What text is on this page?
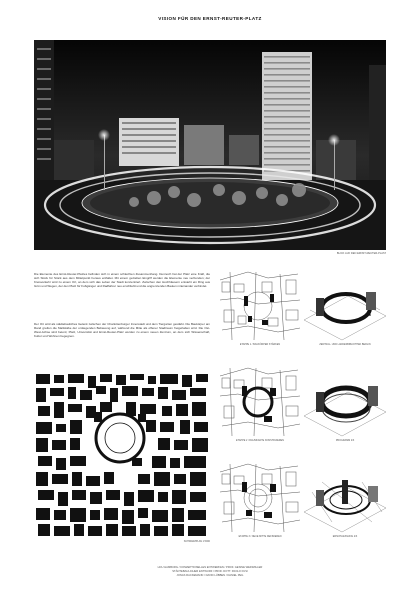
VISION FÜR DEN ERNST-REUTER-PLATZ
BLICK AUF DEN ERNST-REUTER-PLATZ
Die Elemente des Ernst-Reuter-Platzes befinden sich in einem schlechten Zusammenhang. Dennoch hat der Platz eine Kraft, die sich Stück für Stück aus dem Mittelpunkt heraus entfaltet. Mit einem gezielten Eingriff werden die Elemente neu verbunden; der Kreisverkehr wird zu einem Ort, an dem sich das Leben der Stadt konzentriert. Zwischen den Hochhäusern entsteht ein Ring aus Grün und Wegen, der den Platz für Fußgänger und Radfahrer neu erschließt und die angrenzenden Bauten miteinander verbindet.
Der Ort wird als städtebauliches Gelenk zwischen der Charlottenburger Innenstadt und dem Tiergarten gestärkt. Die Baukörper am Rand greifen die Maßstäbe der umliegenden Bebauung auf, während die Mitte als offener Stadtraum freigehalten wird. Die Ost-West-Achse wird betont; Platz, Universität und Ernst-Reuter-Platz werden zu einem neuen Zentrum, an dem sich Wissenschaft, Kultur und Wohnen begegnen.
SCHWARZPLAN 1:5000
ETAPPE 1 / BAUKÖRPER STÄRKEN	ZENTRAL- UND LANDESBIBLIOTHEK BERLIN
ETAPPE 2 / RAUMKANTE KONSTRUIEREN	PROGRAMM 2/3
ETAPPE 3 / NEUE MITTE DEFINIEREN	ERSCHLIESSUNG 2/3
HCU HAMBURG / KONZEPTIONELLES ENTWERFEN / PROF. GESINE WEINMILLER
STÄDTEBAULICHER ENTWURF / PROF. DOTT. PAOLO FUSI
JONAS RACKEMANN / DAVID LÜBBEN / DANIEL PEIL
